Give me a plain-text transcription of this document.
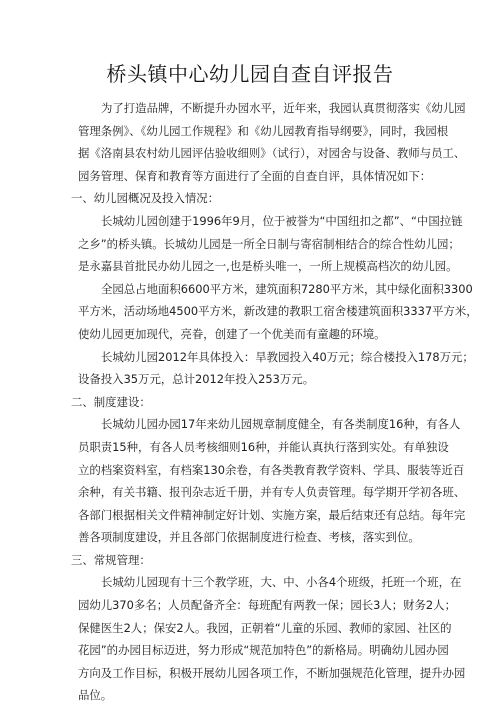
桥头镇中心幼儿园自查自评报告
为了打造品牌，不断提升办园水平，近年来，我园认真贯彻落实《幼儿园
管理条例》、《幼儿园工作规程》和《幼儿园教育指导纲要》，同时，我园根
据《洛南县农村幼儿园评估验收细则》（试行），对园舍与设备、教师与员工、
园务管理、保育和教育等方面进行了全面的自查自评，具体情况如下：
一、幼儿园概况及投入情况：
长城幼儿园创建于1996年9月，位于被誉为“中国纽扣之都”、“中国拉链
之乡”的桥头镇。长城幼儿园是一所全日制与寄宿制相结合的综合性幼儿园；
是永嘉县首批民办幼儿园之一,也是桥头唯一，一所上规模高档次的幼儿园。
全园总占地面积6600平方米，建筑面积7280平方米，其中绿化面积3300
平方米，活动场地4500平方米，新改建的教职工宿舍楼建筑面积3337平方米，
使幼儿园更加现代，亮眷，创建了一个优美而有童趣的环境。
长城幼儿园2012年具体投入：旱教园投入40万元；综合楼投入178万元；
设备投入35万元，总计2012年投入253万元。
二、制度建设：
长城幼儿园办园17年来幼儿园规章制度健全，有各类制度16种，有各人
员职责15种，有各人员考核细则16种，并能认真执行落到实处。有单独设
立的档案资料室，有档案130余卷，有各类教育教学资料、学具、服装等近百
余种，有关书籍、报刊杂志近千册，并有专人负责管理。每学期开学初各班、
各部门根据相关文件精神制定好计划、实施方案，最后结束还有总结。每年完
善各项制度建设，并且各部门依据制度进行检查、考核，落实到位。
三、常规管理：
长城幼儿园现有十三个教学班，大、中、小各4个班级，托班一个班，在
园幼儿370多名；人员配备齐全：每班配有两教一保；园长3人；财务2人；
保健医生2人；保安2人。我园，正朝着“儿童的乐园、教师的家园、社区的
花园”的办园目标迈进，努力形成“规范加特色”的新格局。明确幼儿园办园
方向及工作目标，积极开展幼儿园各项工作，不断加强规范化管理，提升办园
品位。
